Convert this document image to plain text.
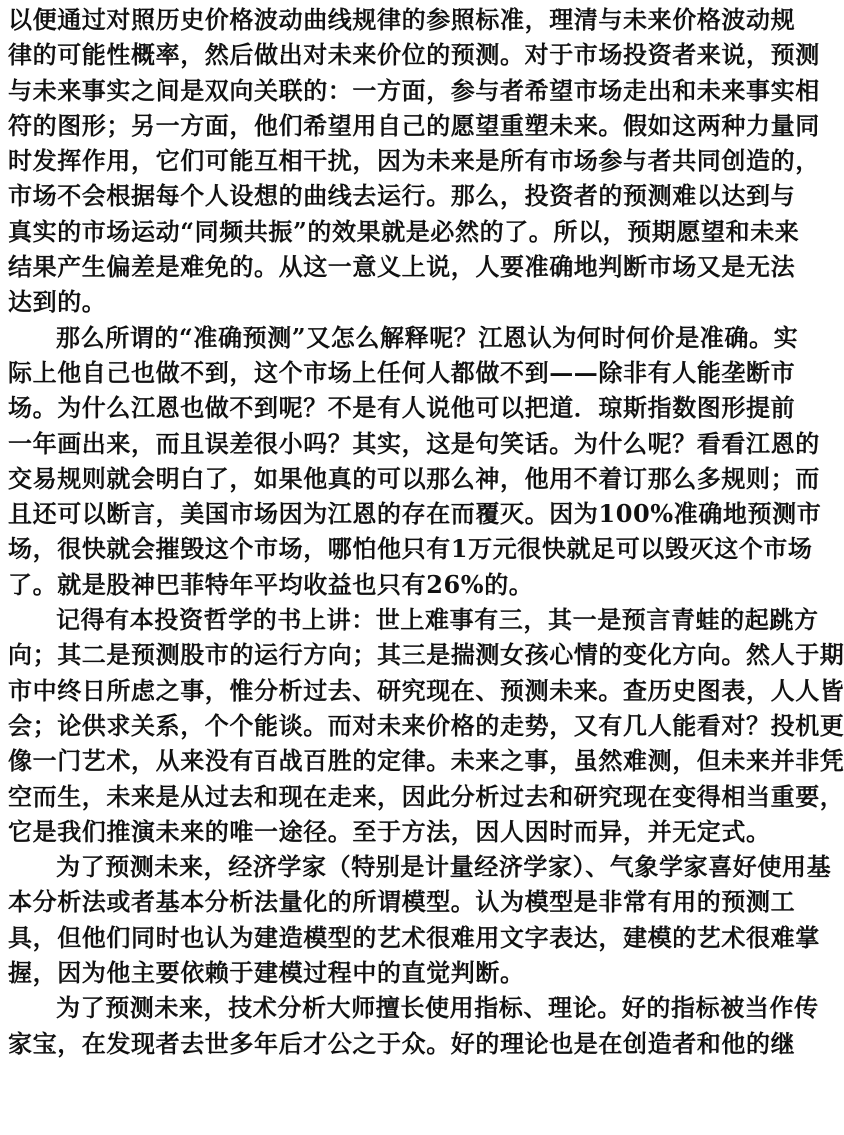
以便通过对照历史价格波动曲线规律的参照标准，理清与未来价格波动规
律的可能性概率，然后做出对未来价位的预测。对于市场投资者来说，预测
与未来事实之间是双向关联的：一方面，参与者希望市场走出和未来事实相
符的图形；另一方面，他们希望用自己的愿望重塑未来。假如这两种力量同
时发挥作用，它们可能互相干扰，因为未来是所有市场参与者共同创造的，
市场不会根据每个人设想的曲线去运行。那么，投资者的预测难以达到与
真实的市场运动“同频共振”的效果就是必然的了。所以，预期愿望和未来
结果产生偏差是难免的。从这一意义上说，人要准确地判断市场又是无法
达到的。
那么所谓的“准确预测”又怎么解释呢？江恩认为何时何价是准确。实
际上他自己也做不到，这个市场上任何人都做不到——除非有人能垄断市
场。为什么江恩也做不到呢？不是有人说他可以把道．琼斯指数图形提前
一年画出来，而且误差很小吗？其实，这是句笑话。为什么呢？看看江恩的
交易规则就会明白了，如果他真的可以那么神，他用不着订那么多规则；而
且还可以断言，美国市场因为江恩的存在而覆灭。因为100%准确地预测市
场，很快就会摧毁这个市场，哪怕他只有1万元很快就足可以毁灭这个市场
了。就是股神巴菲特年平均收益也只有26%的。
记得有本投资哲学的书上讲：世上难事有三，其一是预言青蛙的起跳方
向；其二是预测股市的运行方向；其三是揣测女孩心情的变化方向。然人于期
市中终日所虑之事，惟分析过去、研究现在、预测未来。查历史图表，人人皆
会；论供求关系，个个能谈。而对未来价格的走势，又有几人能看对？投机更
像一门艺术，从来没有百战百胜的定律。未来之事，虽然难测，但未来并非凭
空而生，未来是从过去和现在走来，因此分析过去和研究现在变得相当重要，
它是我们推演未来的唯一途径。至于方法，因人因时而异，并无定式。
为了预测未来，经济学家（特别是计量经济学家）、气象学家喜好使用基
本分析法或者基本分析法量化的所谓模型。认为模型是非常有用的预测工
具，但他们同时也认为建造模型的艺术很难用文字表达，建模的艺术很难掌
握，因为他主要依赖于建模过程中的直觉判断。
为了预测未来，技术分析大师擅长使用指标、理论。好的指标被当作传
家宝，在发现者去世多年后才公之于众。好的理论也是在创造者和他的继
